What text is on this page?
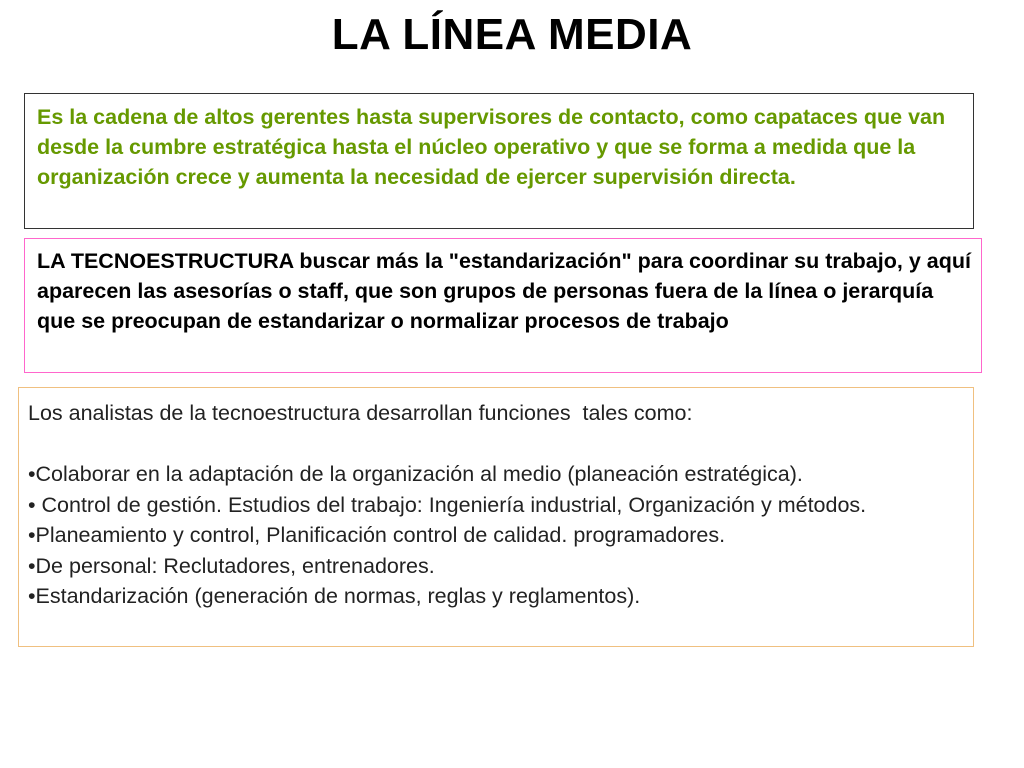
LA LÍNEA MEDIA

Es la cadena de altos gerentes hasta supervisores de contacto, como capataces que van desde la cumbre estratégica hasta el núcleo operativo y que se forma a medida que la organización crece y aumenta la necesidad de ejercer supervisión directa.

LA TECNOESTRUCTURA buscar más la "estandarización" para coordinar su trabajo, y aquí aparecen las asesorías o staff, que son grupos de personas fuera de la línea o jerarquía que se preocupan de estandarizar o normalizar procesos de trabajo

Los analistas de la tecnoestructura desarrollan funciones  tales como:

•Colaborar en la adaptación de la organización al medio (planeación estratégica).

• Control de gestión. Estudios del trabajo: Ingeniería industrial, Organización y métodos.

•Planeamiento y control, Planificación control de calidad. programadores.

•De personal: Reclutadores, entrenadores.

•Estandarización (generación de normas, reglas y reglamentos).
